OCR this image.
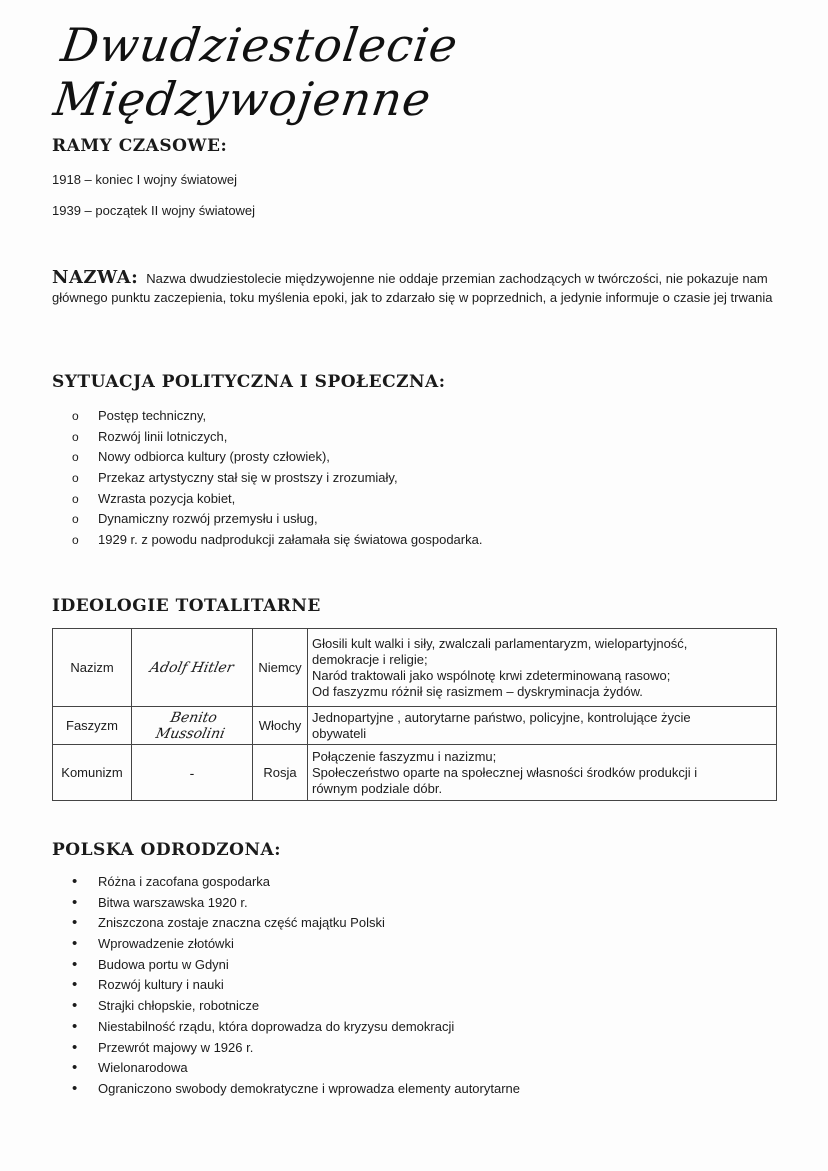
Dwudziestolecie Międzywojenne
RAMY CZASOWE:
1918 – koniec I wojny światowej
1939 – początek II wojny światowej
NAZWA: Nazwa dwudziestolecie międzywojenne nie oddaje przemian zachodzących w twórczości, nie pokazuje nam głównego punktu zaczepienia, toku myślenia epoki, jak to zdarzało się w poprzednich, a jedynie informuje o czasie jej trwania
SYTUACJA POLITYCZNA I SPOŁECZNA:
o Postęp techniczny,
o Rozwój linii lotniczych,
o Nowy odbiorca kultury (prosty człowiek),
o Przekaz artystyczny stał się w prostszy i zrozumiały,
o Wzrasta pozycja kobiet,
o Dynamiczny rozwój przemysłu i usług,
o 1929 r. z powodu nadprodukcji załamała się światowa gospodarka.
IDEOLOGIE TOTALITARNE
Nazizm	Adolf Hitler	Niemcy	Głosili kult walki i siły, zwalczali parlamentaryzm, wielopartyjność,
demokracje i religie;
Naród traktowali jako wspólnotę krwi zdeterminowaną rasowo;
Od faszyzmu różnił się rasizmem – dyskryminacja żydów.

Faszyzm	Benito Mussolini	Włochy	Jednopartyjne , autorytarne państwo, policyjne, kontrolujące życie
obywateli

Komunizm	-	Rosja	Połączenie faszyzmu i nazizmu;
Społeczeństwo oparte na społecznej własności środków produkcji i
równym podziale dóbr.
POLSKA ODRODZONA:
• Różna i zacofana gospodarka
• Bitwa warszawska 1920 r.
• Zniszczona zostaje znaczna część majątku Polski
• Wprowadzenie złotówki
• Budowa portu w Gdyni
• Rozwój kultury i nauki
• Strajki chłopskie, robotnicze
• Niestabilność rządu, która doprowadza do kryzysu demokracji
• Przewrót majowy w 1926 r.
• Wielonarodowa
• Ograniczono swobody demokratyczne i wprowadza elementy autorytarne
